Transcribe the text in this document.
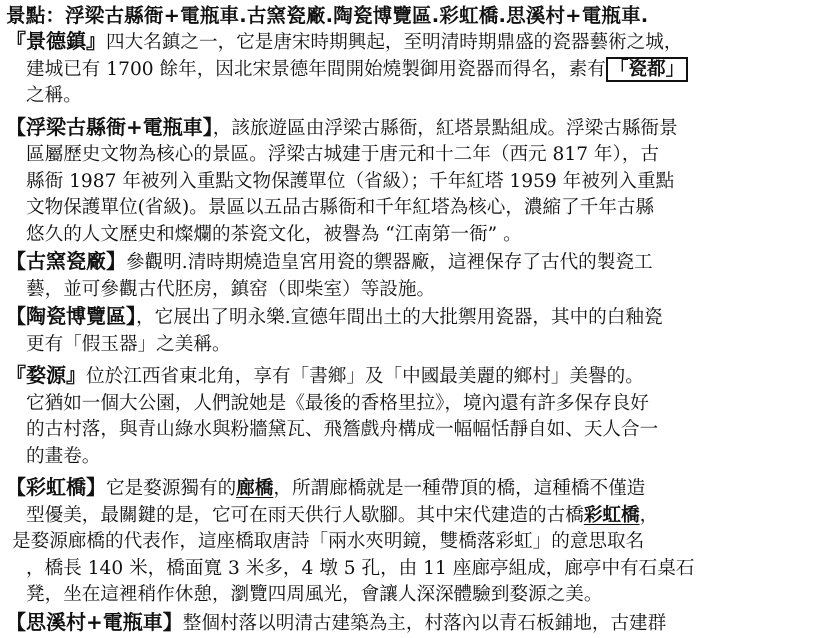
景點：浮梁古縣衙+電瓶車.古窯瓷廠.陶瓷博覽區.彩虹橋.思溪村+電瓶車.
『景德鎮』四大名鎮之一，它是唐宋時期興起，至明清時期鼎盛的瓷器藝術之城，
建城已有 1700 餘年，因北宋景德年間開始燒製御用瓷器而得名，素有 「瓷都」
之稱。
【浮梁古縣衙+電瓶車】，該旅遊區由浮梁古縣衙，紅塔景點組成。浮梁古縣衙景
區屬歷史文物為核心的景區。浮梁古城建于唐元和十二年（西元 817 年），古
縣衙 1987 年被列入重點文物保護單位（省級）；千年紅塔 1959 年被列入重點
文物保護單位(省級)。景區以五品古縣衙和千年紅塔為核心，濃縮了千年古縣
悠久的人文歷史和燦爛的茶瓷文化，被譽為 “江南第一衙” 。
【古窯瓷廠】參觀明.清時期燒造皇宮用瓷的禦器廠，這裡保存了古代的製瓷工
藝，並可參觀古代胚房，鎮窑（即柴室）等設施。
【陶瓷博覽區】，它展出了明永樂.宣德年間出土的大批禦用瓷器，其中的白釉瓷
更有「假玉器」之美稱。
『婺源』位於江西省東北角，享有「書鄉」及「中國最美麗的鄉村」美譽的。
它猶如一個大公園，人們說她是《最後的香格里拉》，境內還有許多保存良好
的古村落，與青山綠水與粉牆黛瓦、飛簷戲舟構成一幅幅恬靜自如、天人合一
的畫卷。
【彩虹橋】它是婺源獨有的廊橋，所謂廊橋就是一種帶頂的橋，這種橋不僅造
型優美，最關鍵的是，它可在雨天供行人歇腳。其中宋代建造的古橋彩虹橋，
是婺源廊橋的代表作，這座橋取唐詩「兩水夾明鏡，雙橋落彩虹」的意思取名
，橋長 140 米，橋面寬 3 米多，4 墩 5 孔，由 11 座廊亭組成，廊亭中有石桌石
凳，坐在這裡稍作休憩，瀏覽四周風光，會讓人深深體驗到婺源之美。
【思溪村+電瓶車】整個村落以明清古建築為主，村落內以青石板鋪地，古建群
